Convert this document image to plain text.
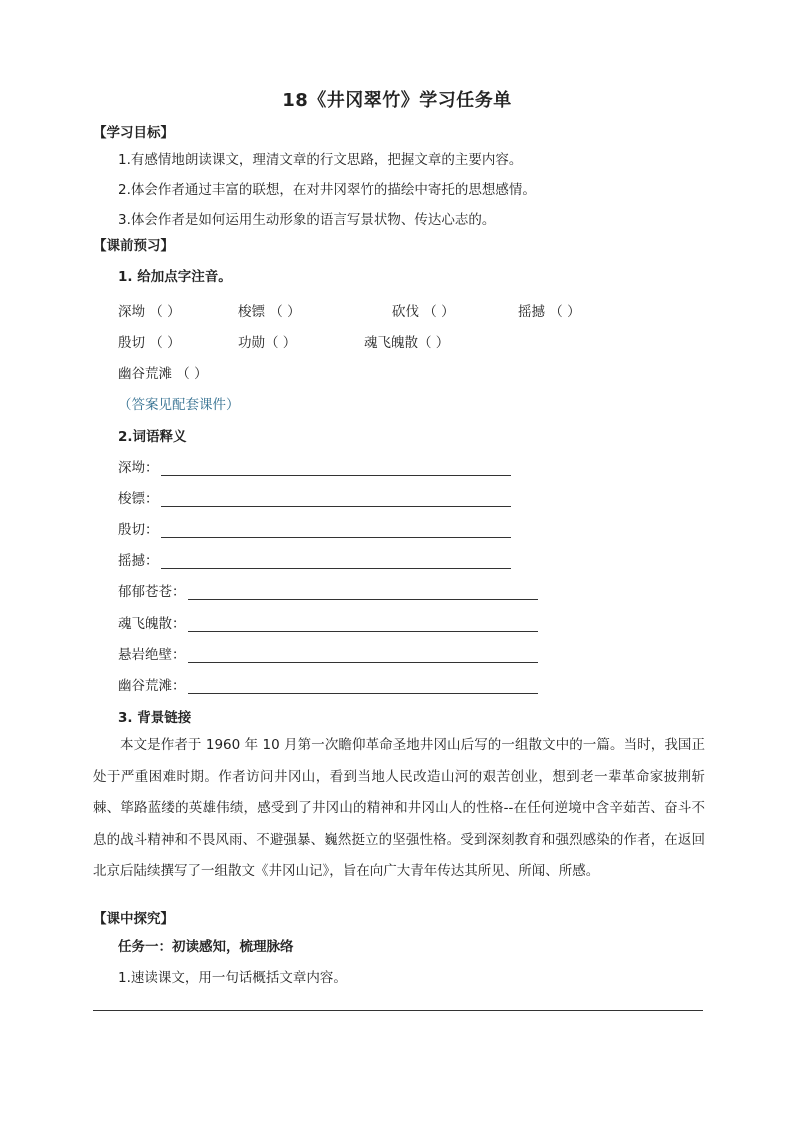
18《井冈翠竹》学习任务单
【学习目标】
1.有感情地朗读课文，理清文章的行文思路，把握文章的主要内容。
2.体会作者通过丰富的联想，在对井冈翠竹的描绘中寄托的思想感情。
3.体会作者是如何运用生动形象的语言写景状物、传达心志的。
【课前预习】
1. 给加点字注音。
深坳 （ ）	梭镖 （ ）	砍伐 （ ）	摇撼 （ ）
殷切 （ ）	功勋（ ）	魂飞魄散（ ）
幽谷荒滩 （ ）
（答案见配套课件）
2.词语释义
深坳：
梭镖：
殷切：
摇撼：
郁郁苍苍：
魂飞魄散：
悬岩绝壁：
幽谷荒滩：
3. 背景链接
本文是作者于 1960 年 10 月第一次瞻仰革命圣地井冈山后写的一组散文中的一篇。当时，我国正处于严重困难时期。作者访问井冈山，看到当地人民改造山河的艰苦创业，想到老一辈革命家披荆斩棘、筚路蓝缕的英雄伟绩，感受到了井冈山的精神和井冈山人的性格--在任何逆境中含辛茹苦、奋斗不息的战斗精神和不畏风雨、不避强暴、巍然挺立的坚强性格。受到深刻教育和强烈感染的作者，在返回北京后陆续撰写了一组散文《井冈山记》，旨在向广大青年传达其所见、所闻、所感。
【课中探究】
任务一：初读感知，梳理脉络
1.速读课文，用一句话概括文章内容。
